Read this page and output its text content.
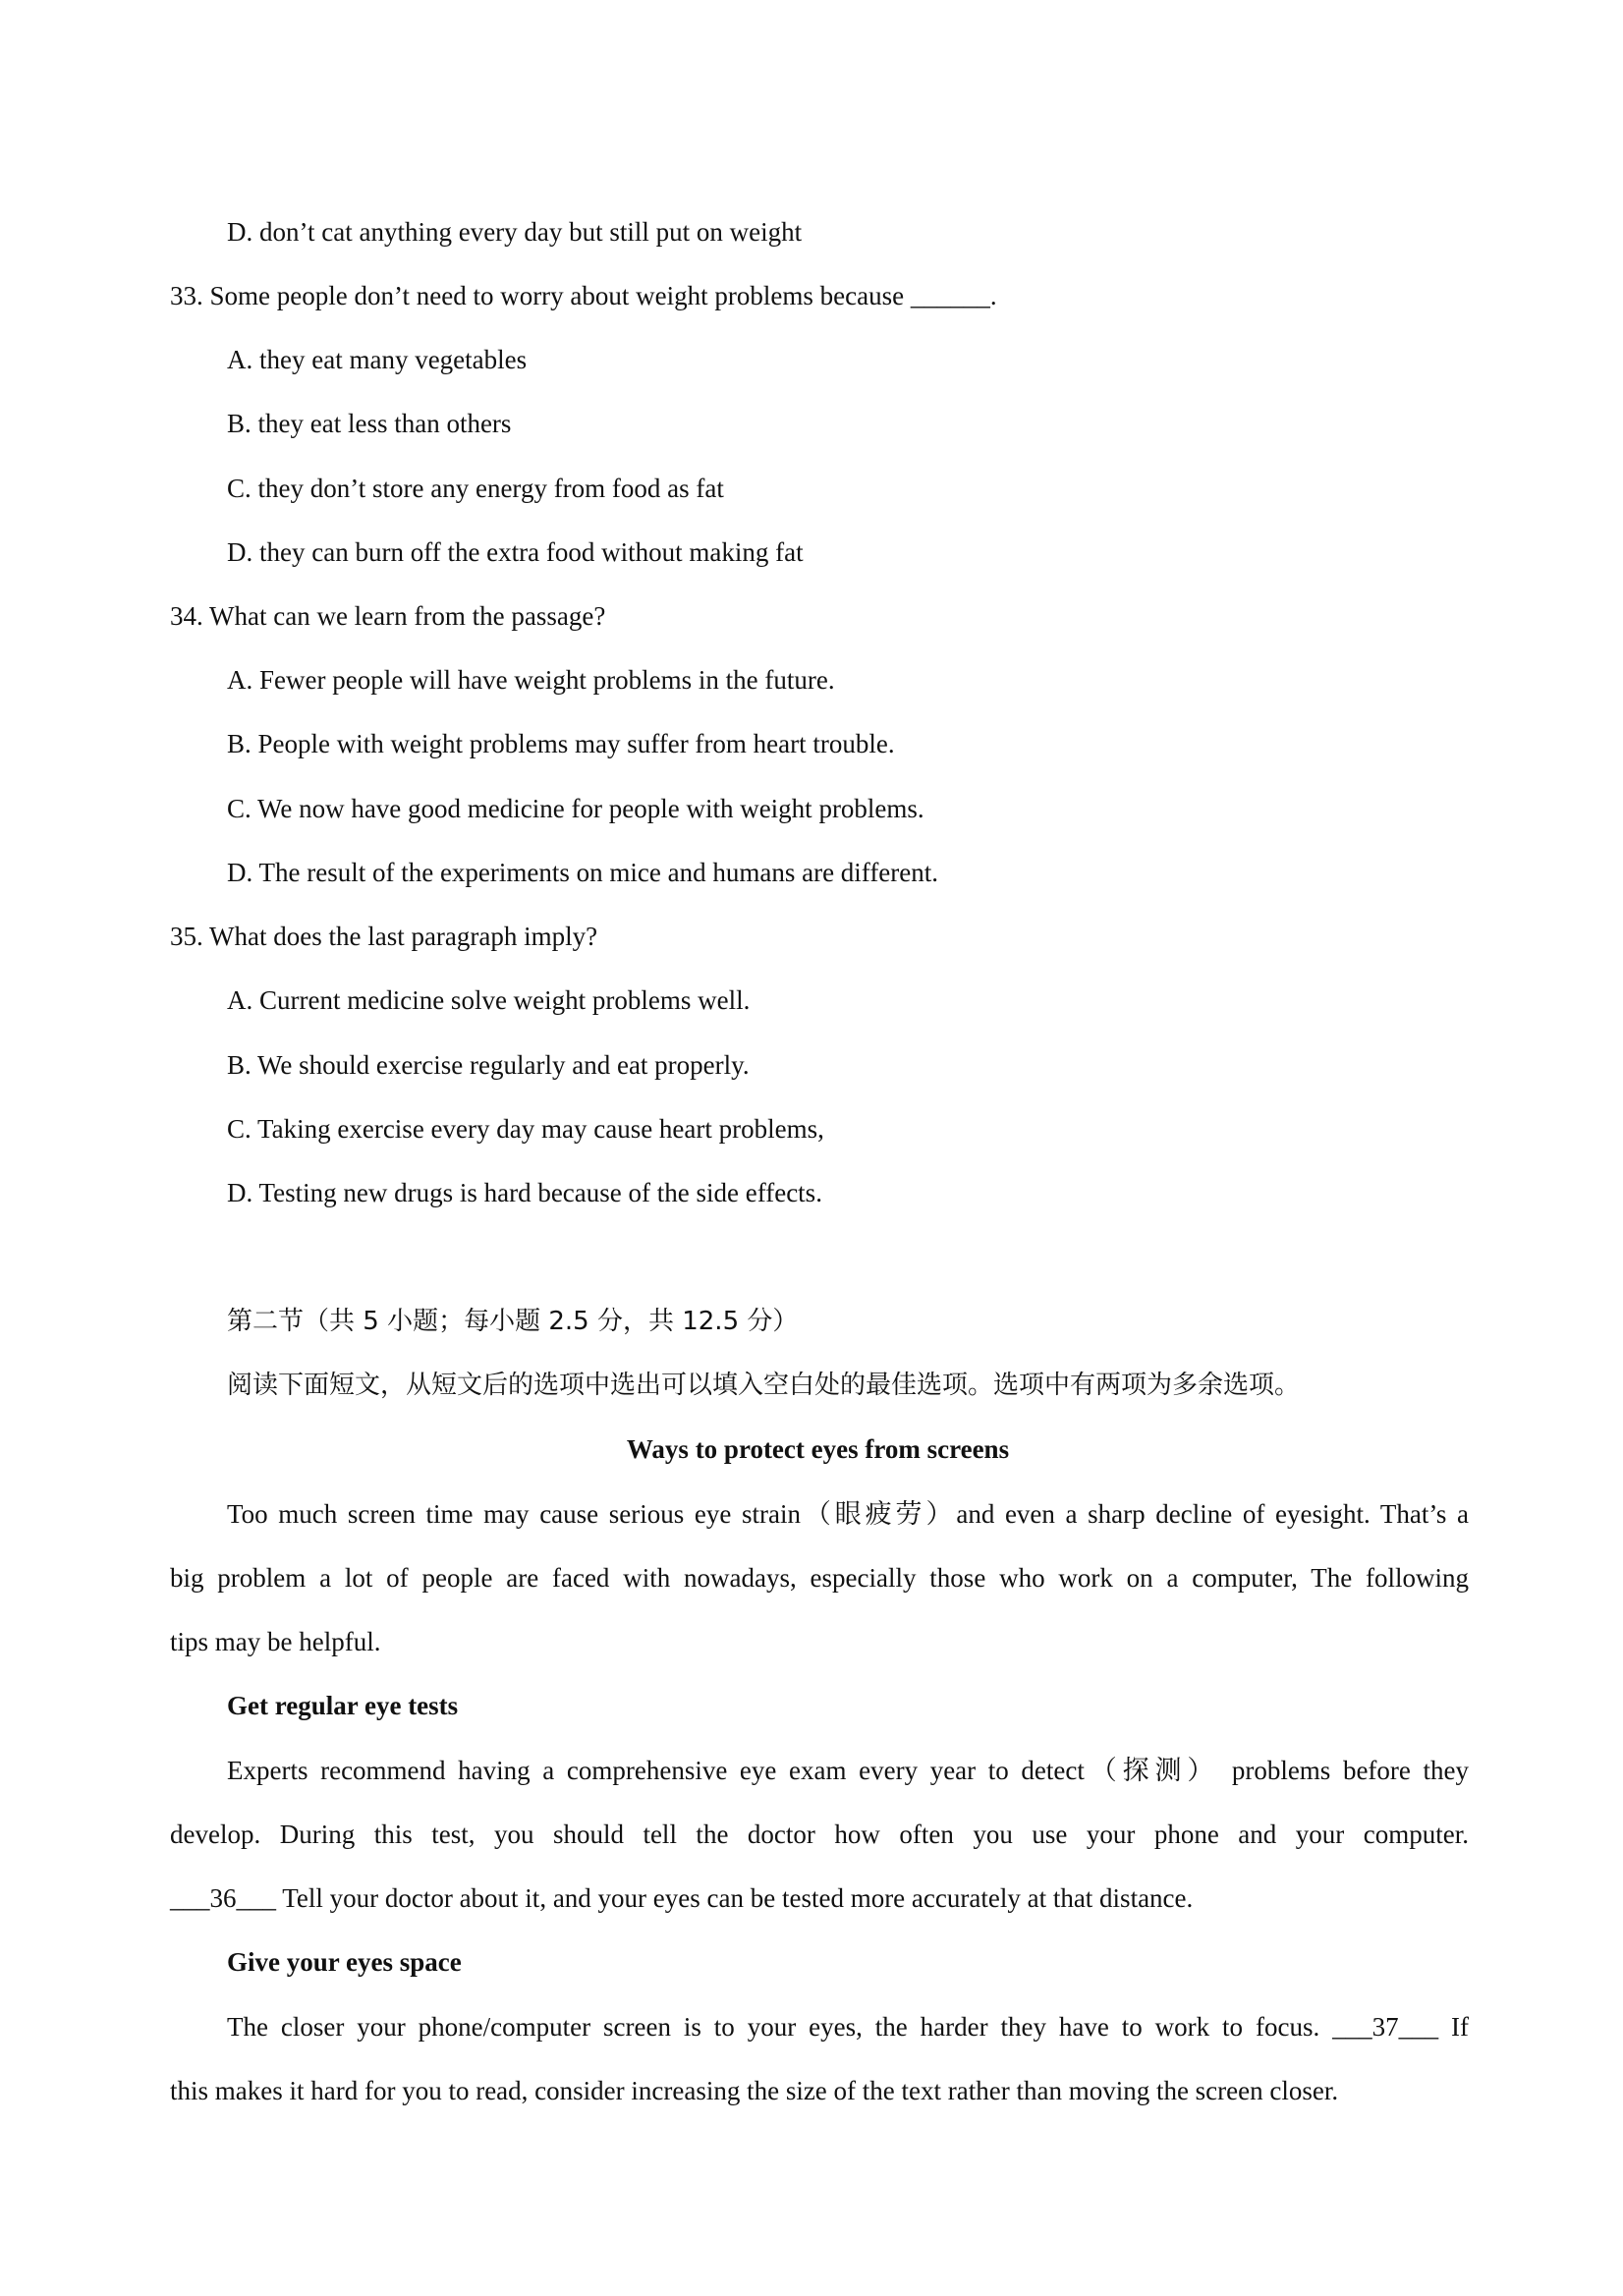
D. don’t cat anything every day but still put on weight
33. Some people don’t need to worry about weight problems because ______.
A. they eat many vegetables
B. they eat less than others
C. they don’t store any energy from food as fat
D. they can burn off the extra food without making fat
34. What can we learn from the passage?
A. Fewer people will have weight problems in the future.
B. People with weight problems may suffer from heart trouble.
C. We now have good medicine for people with weight problems.
D. The result of the experiments on mice and humans are different.
35. What does the last paragraph imply?
A. Current medicine solve weight problems well.
B. We should exercise regularly and eat properly.
C. Taking exercise every day may cause heart problems,
D. Testing new drugs is hard because of the side effects.
第二节（共 5 小题；每小题 2.5 分，共 12.5 分）
阅读下面短文，从短文后的选项中选出可以填入空白处的最佳选项。选项中有两项为多余选项。
Ways to protect eyes from screens
Too much screen time may cause serious eye strain（眼疲劳）and even a sharp decline of eyesight. That’s a
big problem a lot of people are faced with nowadays, especially those who work on a computer, The following
tips may be helpful.
Get regular eye tests
Experts recommend having a comprehensive eye exam every year to detect（探测） problems before they
develop. During this test, you should tell the doctor how often you use your phone and your computer.
___36___ Tell your doctor about it, and your eyes can be tested more accurately at that distance.
Give your eyes space
The closer your phone/computer screen is to your eyes, the harder they have to work to focus. ___37___ If
this makes it hard for you to read, consider increasing the size of the text rather than moving the screen closer.
